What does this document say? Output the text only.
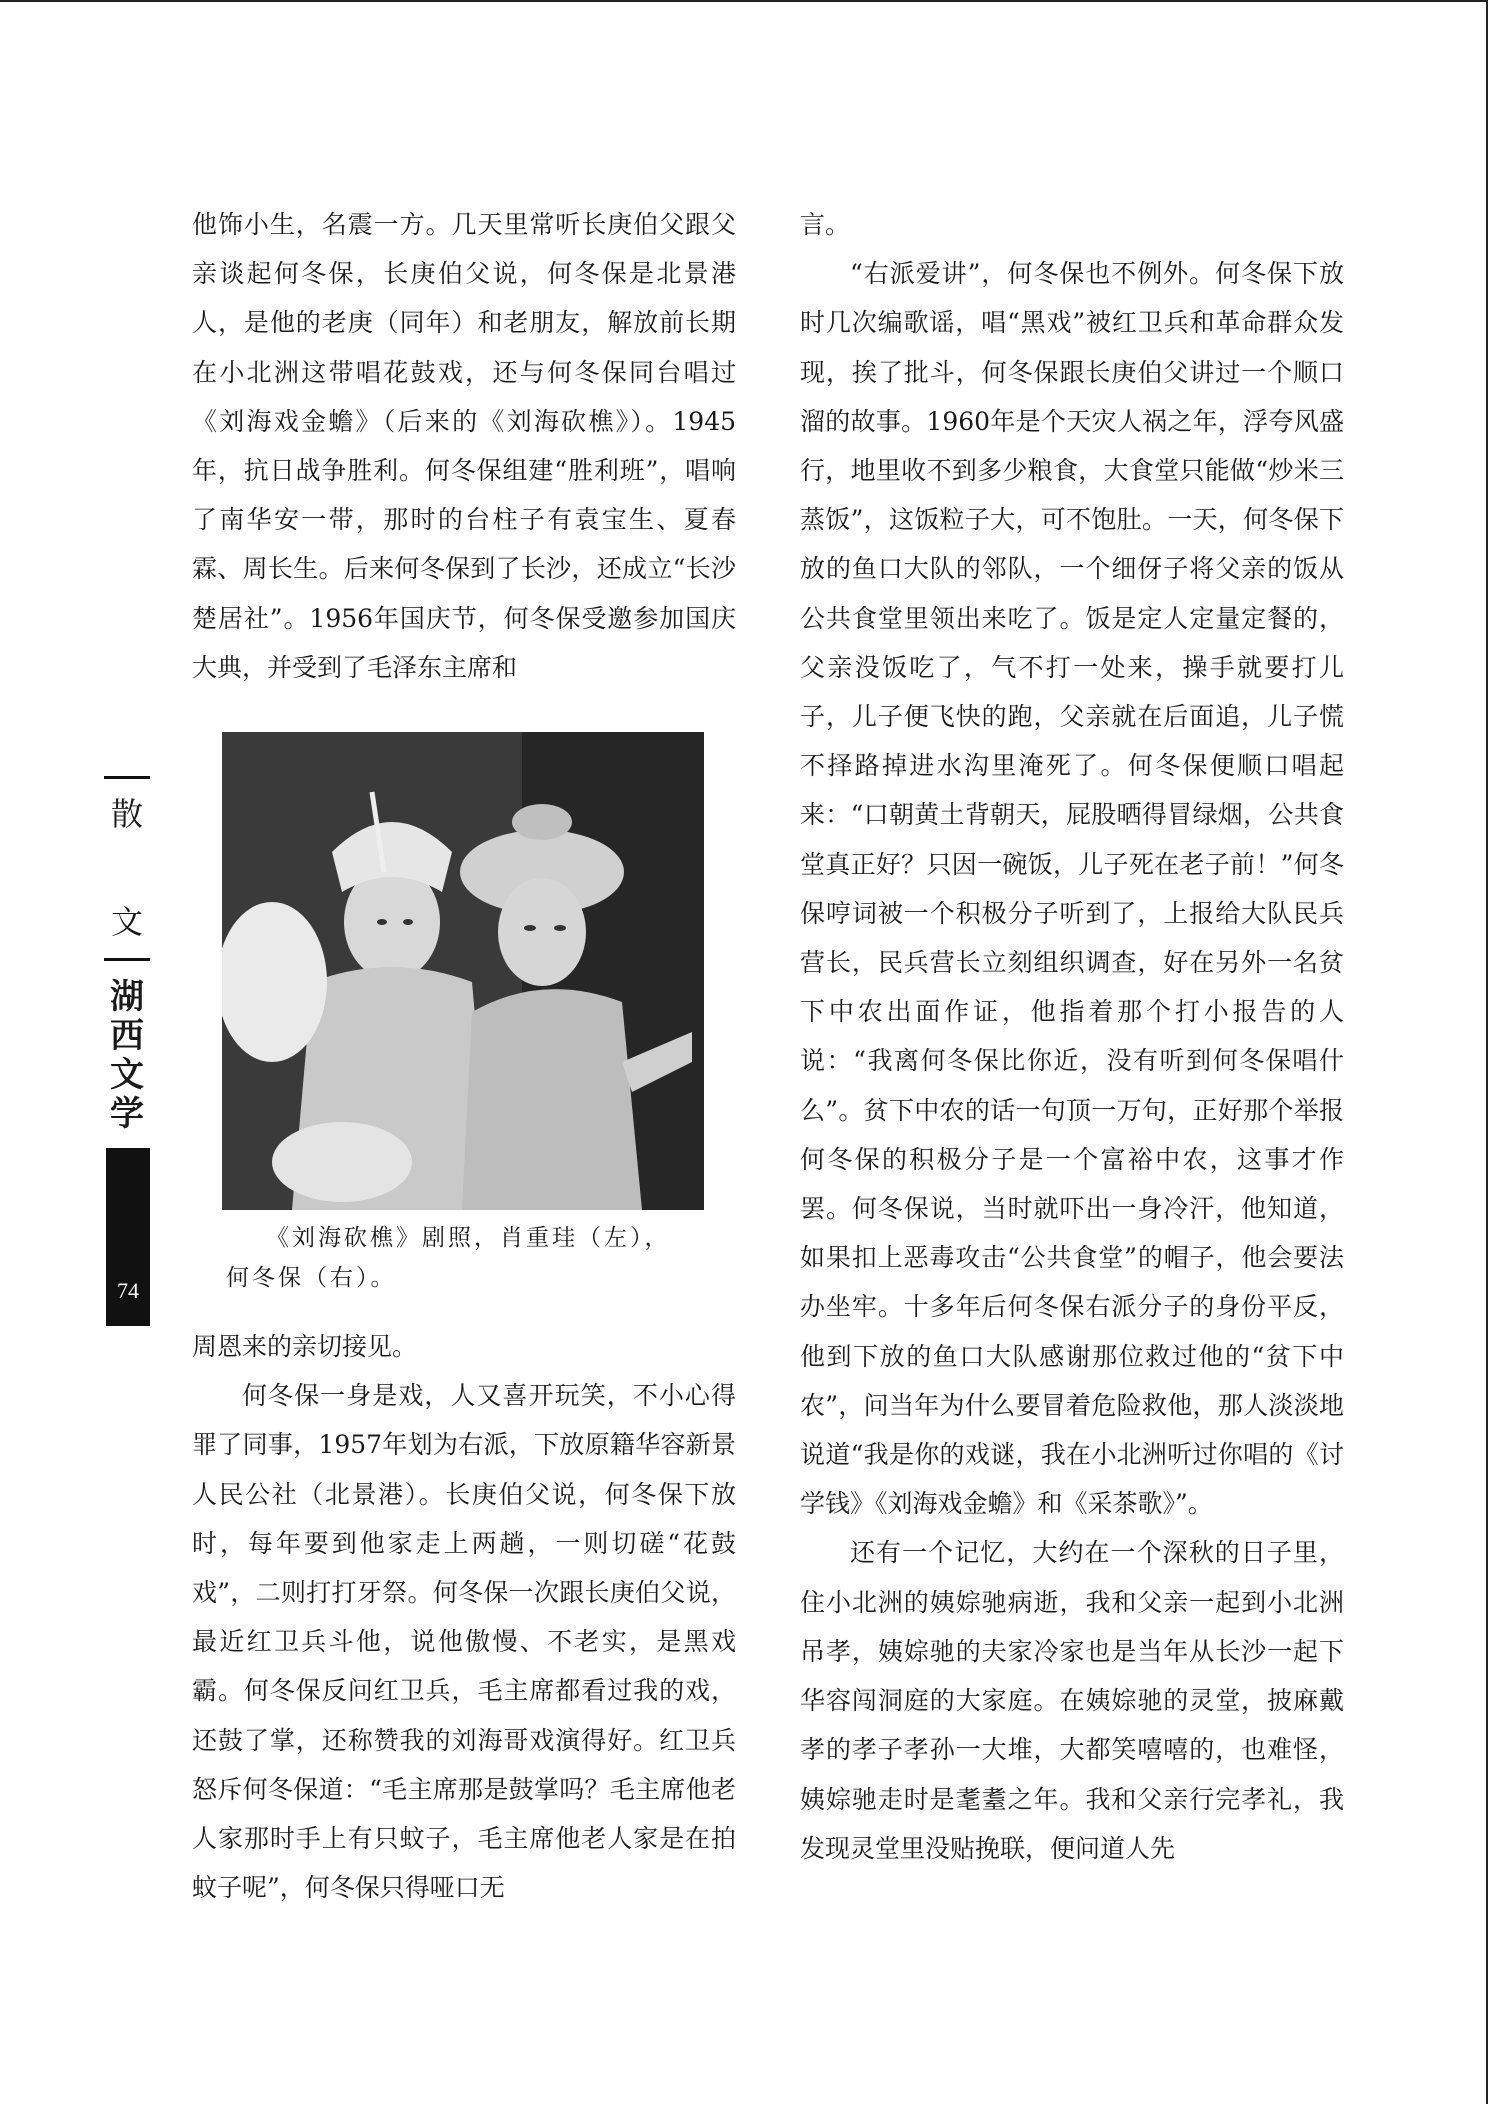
他饰小生，名震一方。几天里常听长庚伯父跟父亲谈起何冬保，长庚伯父说，何冬保是北景港人，是他的老庚（同年）和老朋友，解放前长期在小北洲这带唱花鼓戏，还与何冬保同台唱过《刘海戏金蟾》（后来的《刘海砍樵》）。1945年，抗日战争胜利。何冬保组建“胜利班”，唱响了南华安一带，那时的台柱子有袁宝生、夏春霖、周长生。后来何冬保到了长沙，还成立“长沙楚居社”。1956年国庆节，何冬保受邀参加国庆大典，并受到了毛泽东主席和

《刘海砍樵》剧照，肖重珪（左），

何冬保（右）。

周恩来的亲切接见。

何冬保一身是戏，人又喜开玩笑，不小心得罪了同事，1957年划为右派，下放原籍华容新景人民公社（北景港）。长庚伯父说，何冬保下放时，每年要到他家走上两趟，一则切磋“花鼓戏”，二则打打牙祭。何冬保一次跟长庚伯父说，最近红卫兵斗他，说他傲慢、不老实，是黑戏霸。何冬保反问红卫兵，毛主席都看过我的戏，还鼓了掌，还称赞我的刘海哥戏演得好。红卫兵怒斥何冬保道：“毛主席那是鼓掌吗？毛主席他老人家那时手上有只蚊子，毛主席他老人家是在拍蚊子呢”，何冬保只得哑口无

言。

“右派爱讲”，何冬保也不例外。何冬保下放时几次编歌谣，唱“黑戏”被红卫兵和革命群众发现，挨了批斗，何冬保跟长庚伯父讲过一个顺口溜的故事。1960年是个天灾人祸之年，浮夸风盛行，地里收不到多少粮食，大食堂只能做“炒米三蒸饭”，这饭粒子大，可不饱肚。一天，何冬保下放的鱼口大队的邻队，一个细伢子将父亲的饭从公共食堂里领出来吃了。饭是定人定量定餐的，父亲没饭吃了，气不打一处来，操手就要打儿子，儿子便飞快的跑，父亲就在后面追，儿子慌不择路掉进水沟里淹死了。何冬保便顺口唱起来：“口朝黄土背朝天，屁股晒得冒绿烟，公共食堂真正好？只因一碗饭，儿子死在老子前！”何冬保哼词被一个积极分子听到了，上报给大队民兵营长，民兵营长立刻组织调查，好在另外一名贫下中农出面作证，他指着那个打小报告的人说：“我离何冬保比你近，没有听到何冬保唱什么”。贫下中农的话一句顶一万句，正好那个举报何冬保的积极分子是一个富裕中农，这事才作罢。何冬保说，当时就吓出一身冷汗，他知道，如果扣上恶毒攻击“公共食堂”的帽子，他会要法办坐牢。十多年后何冬保右派分子的身份平反，他到下放的鱼口大队感谢那位救过他的“贫下中农”，问当年为什么要冒着危险救他，那人淡淡地说道“我是你的戏谜，我在小北洲听过你唱的《讨学钱》《刘海戏金蟾》和《采茶歌》”。

还有一个记忆，大约在一个深秋的日子里，住小北洲的姨婃驰病逝，我和父亲一起到小北洲吊孝，姨婃驰的夫家冷家也是当年从长沙一起下华容闯洞庭的大家庭。在姨婃驰的灵堂，披麻戴孝的孝子孝孙一大堆，大都笑嘻嘻的，也难怪，姨婃驰走时是耄耋之年。我和父亲行完孝礼，我发现灵堂里没贴挽联，便问道人先

散
文
湖西文学
74
